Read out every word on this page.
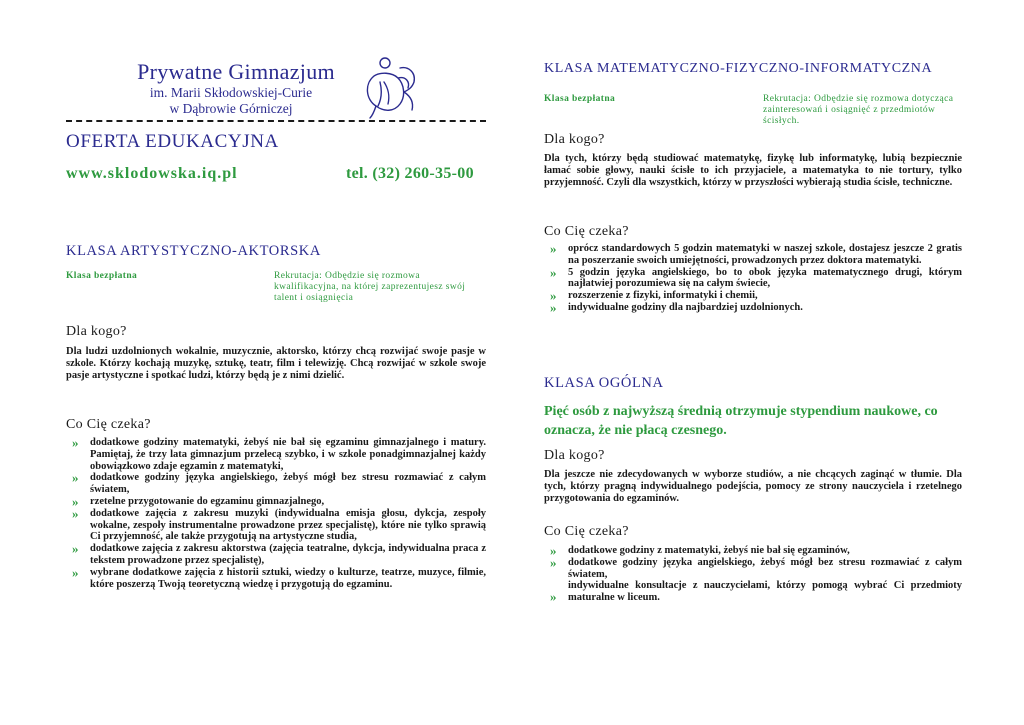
Prywatne Gimnazjum
im. Marii Skłodowskiej-Curie
w Dąbrowie Górniczej
OFERTA EDUKACYJNA
www.sklodowska.iq.pl	tel. (32) 260-35-00
KLASA ARTYSTYCZNO-AKTORSKA
Klasa bezpłatna	Rekrutacja: Odbędzie się rozmowa kwalifikacyjna, na której zaprezentujesz swój talent i osiągnięcia
Dla kogo?
Dla ludzi uzdolnionych wokalnie, muzycznie, aktorsko, którzy chcą rozwijać swoje pasje w szkole. Którzy kochają muzykę, sztukę, teatr, film i telewizję. Chcą rozwijać w szkole swoje pasje artystyczne i spotkać ludzi, którzy będą je z nimi dzielić.
Co Cię czeka?
» dodatkowe godziny matematyki, żebyś nie bał się egzaminu gimnazjalnego i matury. Pamiętaj, że trzy lata gimnazjum przelecą szybko, i w szkole ponadgimnazjalnej każdy obowiązkowo zdaje egzamin z matematyki,
» dodatkowe godziny języka angielskiego, żebyś mógł bez stresu rozmawiać z całym światem,
» rzetelne przygotowanie do egzaminu gimnazjalnego,
» dodatkowe zajęcia z zakresu muzyki (indywidualna emisja głosu, dykcja, zespoły wokalne, zespoły instrumentalne prowadzone przez specjalistę), które nie tylko sprawią Ci przyjemność, ale także przygotują na artystyczne studia,
» dodatkowe zajęcia z zakresu aktorstwa (zajęcia teatralne, dykcja, indywidualna praca z tekstem prowadzone przez specjalistę),
» wybrane dodatkowe zajęcia z historii sztuki, wiedzy o kulturze, teatrze, muzyce, filmie, które poszerzą Twoją teoretyczną wiedzę i przygotują do egzaminu.
KLASA MATEMATYCZNO-FIZYCZNO-INFORMATYCZNA
Klasa bezpłatna	Rekrutacja: Odbędzie się rozmowa dotycząca zainteresowań i osiągnięć z przedmiotów ścisłych.
Dla kogo?
Dla tych, którzy będą studiować matematykę, fizykę lub informatykę, lubią bezpiecznie łamać sobie głowy, nauki ścisłe to ich przyjaciele, a matematyka to nie tortury, tylko przyjemność. Czyli dla wszystkich, którzy w przyszłości wybierają studia ścisłe, techniczne.
Co Cię czeka?
» oprócz standardowych 5 godzin matematyki w naszej szkole, dostajesz jeszcze 2 gratis na poszerzanie swoich umiejętności, prowadzonych przez doktora matematyki.
» 5 godzin języka angielskiego, bo to obok języka matematycznego drugi, którym najłatwiej porozumiewa się na całym świecie,
» rozszerzenie z fizyki, informatyki i chemii,
» indywidualne godziny dla najbardziej uzdolnionych.
KLASA OGÓLNA
Pięć osób z najwyższą średnią otrzymuje stypendium naukowe, co oznacza, że nie płacą czesnego.
Dla kogo?
Dla jeszcze nie zdecydowanych w wyborze studiów, a nie chcących zaginąć w tłumie. Dla tych, którzy pragną indywidualnego podejścia, pomocy ze strony nauczyciela i rzetelnego przygotowania do egzaminów.
Co Cię czeka?
» dodatkowe godziny z matematyki, żebyś nie bał się egzaminów,
» dodatkowe godziny języka angielskiego, żebyś mógł bez stresu rozmawiać z całym światem,
»
indywidualne konsultacje z nauczycielami, którzy pomogą wybrać Ci przedmioty maturalne w liceum.
